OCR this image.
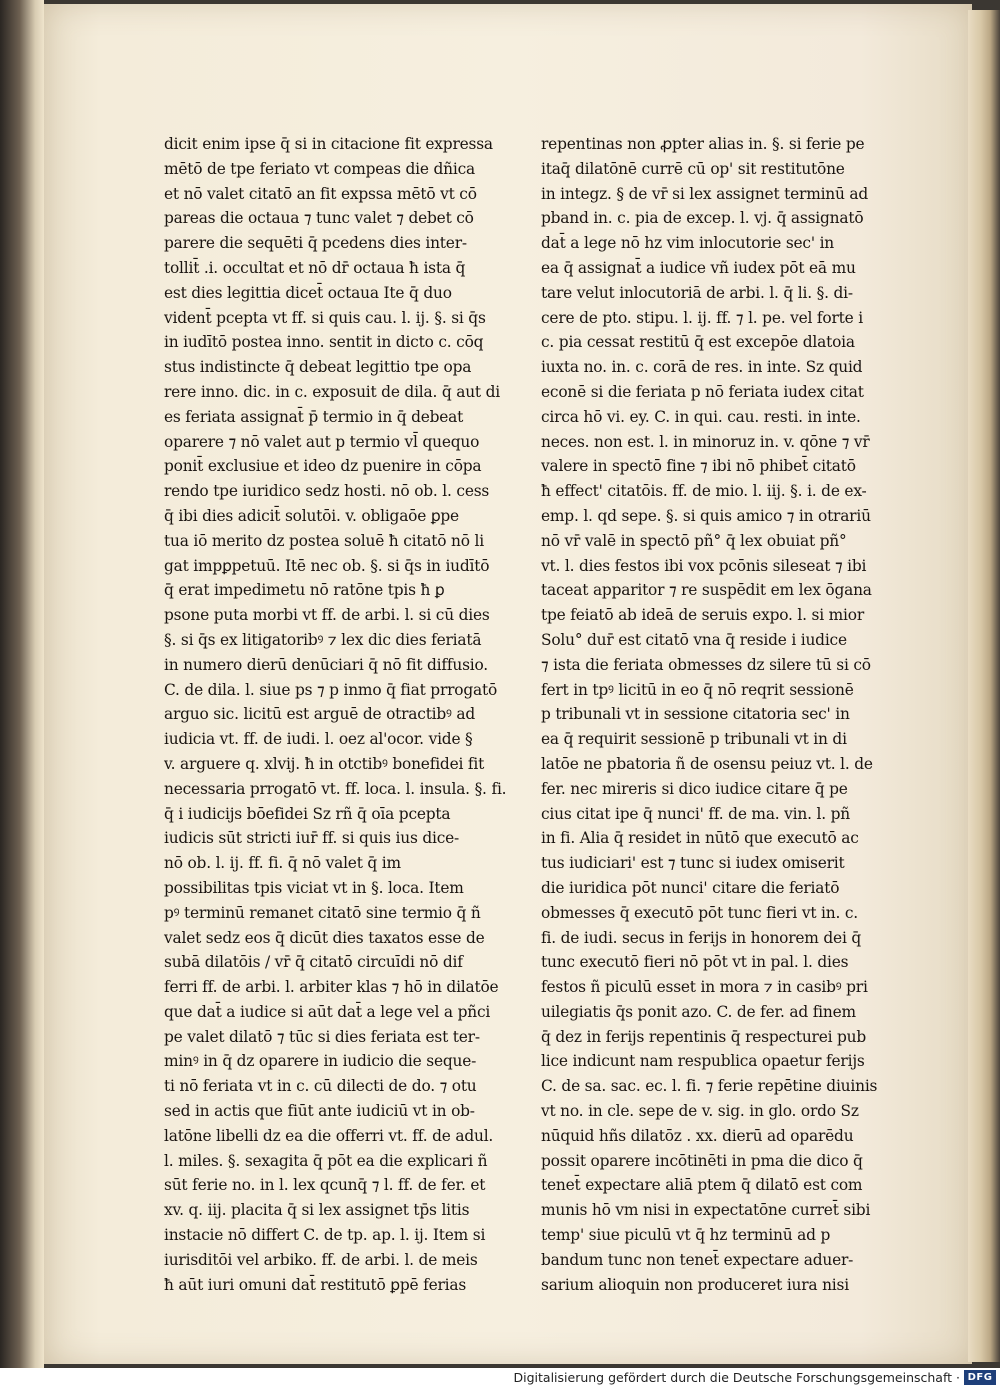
dicit enim ipse q̄ si in citacione fit expressa
mētō de tpe feriato vt compeas die dñica
et nō valet citatō an fit expssa mētō vt cō
pareas die octaua ⁊ tunc valet ⁊ debet cō
parere die sequēti q̄ pcedens dies inter-
tollit̄ .i. occultat et nō dr̄ octaua ħ ista q̄
est dies legittia dicet̄ octaua Ite q̄ duo
vident̄ pcepta vt ff. si quis cau. l. ij. §. si q̄s
in iudītō postea inno. sentit in dicto c. cōq
stus indistincte q̄ debeat legittio tpe opa
rere inno. dic. in c. exposuit de dila. q̄ aut di
es feriata assignat̄ p̄ termio in q̄ debeat
oparere ⁊ nō valet aut p termio vl̄ quequo
ponit̄ exclusiue et ideo dz puenire in cōpa
rendo tpe iuridico sedz hosti. nō ob. l. cess
q̄ ibi dies adicit̄ solutōi. v. obligaōe ꝑpe
tua iō merito dz postea soluē ħ citatō nō li
gat impꝑpetuū. Itē nec ob. §. si q̄s in iudītō
q̄ erat impedimetu nō ratōne tpis ħ ꝑ
psone puta morbi vt ff. de arbi. l. si cū dies
§. si q̄s ex litigatoribꝰ ⁊ lex dic dies feriatā
in numero dierū denūciari q̄ nō fit diffusio.
C. de dila. l. siue ps ⁊ p inmo q̄ fiat prrogatō
arguo sic. licitū est arguē de otractibꝰ ad
iudicia vt. ff. de iudi. l. oez al'ocor. vide §
v. arguere q. xlvij. ħ in otctibꝰ bonefidei fit
necessaria prrogatō vt. ff. loca. l. insula. §. fi.
q̄ i iudicijs bōefidei Sz rñ q̄ oīa pcepta
iudicis sūt stricti iur̄ ff. si quis ius dice-
nō ob. l. ij. ff. fi. q̄ nō valet q̄ im
possibilitas tpis viciat vt in §. loca. Item
pꝰ terminū remanet citatō sine termio q̄ ñ
valet sedz eos q̄ dicūt dies taxatos esse de
subā dilatōis / vr̄ q̄ citatō circuīdi nō dif
ferri ff. de arbi. l. arbiter klas ⁊ hō in dilatōe
que dat̄ a iudice si aūt dat̄ a lege vel a pñci
pe valet dilatō ⁊ tūc si dies feriata est ter-
minꝰ in q̄ dz oparere in iudicio die seque-
ti nō feriata vt in c. cū dilecti de do. ⁊ otu
sed in actis que fiūt ante iudiciū vt in ob-
latōne libelli dz ea die offerri vt. ff. de adul.
l. miles. §. sexagita q̄ pōt ea die explicari ñ
sūt ferie no. in l. lex qcunq̄ ⁊ l. ff. de fer. et
xv. q. iij. placita q̄ si lex assignet tp̄s litis
instacie nō differt C. de tp. ap. l. ij. Item si
iurisditōi vel arbiko. ff. de arbi. l. de meis
ħ aūt iuri omuni dat̄ restitutō ꝑpē ferias
repentinas non ꝓpter alias in. §. si ferie pe
itaq̄ dilatōnē currē cū op' sit restitutōne
in integz. § de vr̄ si lex assignet terminū ad
pband in. c. pia de excep. l. vj. q̄ assignatō
dat̄ a lege nō hz vim inlocutorie sec' in
ea q̄ assignat̄ a iudice vñ iudex pōt eā mu
tare velut inlocutoriā de arbi. l. q̄ li. §. di-
cere de pto. stipu. l. ij. ff. ⁊ l. pe. vel forte i
c. pia cessat restitū q̄ est excepōe dlatoia
iuxta no. in. c. corā de res. in inte. Sz quid
econē si die feriata p nō feriata iudex citat
circa hō vi. ey. C. in qui. cau. resti. in inte.
neces. non est. l. in minoruz in. v. qōne ⁊ vr̄
valere in spectō fine ⁊ ibi nō phibet̄ citatō
ħ effect' citatōis. ff. de mio. l. iij. §. i. de ex-
emp. l. qd sepe. §. si quis amico ⁊ in otrariū
nō vr̄ valē in spectō pñ° q̄ lex obuiat pñ°
vt. l. dies festos ibi vox pcōnis sileseat ⁊ ibi
taceat apparitor ⁊ re suspēdit em lex ōgana
tpe feiatō ab ideā de seruis expo. l. si mior
Solu° dur̄ est citatō vna q̄ reside i iudice
⁊ ista die feriata obmesses dz silere tū si cō
fert in tpꝰ licitū in eo q̄ nō reqrit sessionē
p tribunali vt in sessione citatoria sec' in
ea q̄ requirit sessionē p tribunali vt in di
latōe ne pbatoria ñ de osensu peiuz vt. l. de
fer. nec mireris si dico iudice citare q̄ pe
cius citat ipe q̄ nunci' ff. de ma. vin. l. pñ
in fi. Alia q̄ residet in nūtō que executō ac
tus iudiciari' est ⁊ tunc si iudex omiserit
die iuridica pōt nunci' citare die feriatō
obmesses q̄ executō pōt tunc fieri vt in. c.
fi. de iudi. secus in ferijs in honorem dei q̄
tunc executō fieri nō pōt vt in pal. l. dies
festos ñ piculū esset in mora ⁊ in casibꝰ pri
uilegiatis q̄s ponit azo. C. de fer. ad finem
q̄ dez in ferijs repentinis q̄ respecturei pub
lice indicunt nam respublica opaetur ferijs
C. de sa. sac. ec. l. fi. ⁊ ferie repētine diuinis
vt no. in cle. sepe de v. sig. in glo. ordo Sz
nūquid hñs dilatōz . xx. dierū ad oparēdu
possit oparere incōtinēti in pma die dico q̄
tenet̄ expectare aliā ptem q̄ dilatō est com
munis hō vm nisi in expectatōne curret̄ sibi
temp' siue piculū vt q̄ hz terminū ad p
bandum tunc non tenet̄ expectare aduer-
sarium alioquin non produceret iura nisi
Digitalisierung gefördert durch die Deutsche Forschungsgemeinschaft · DFG
